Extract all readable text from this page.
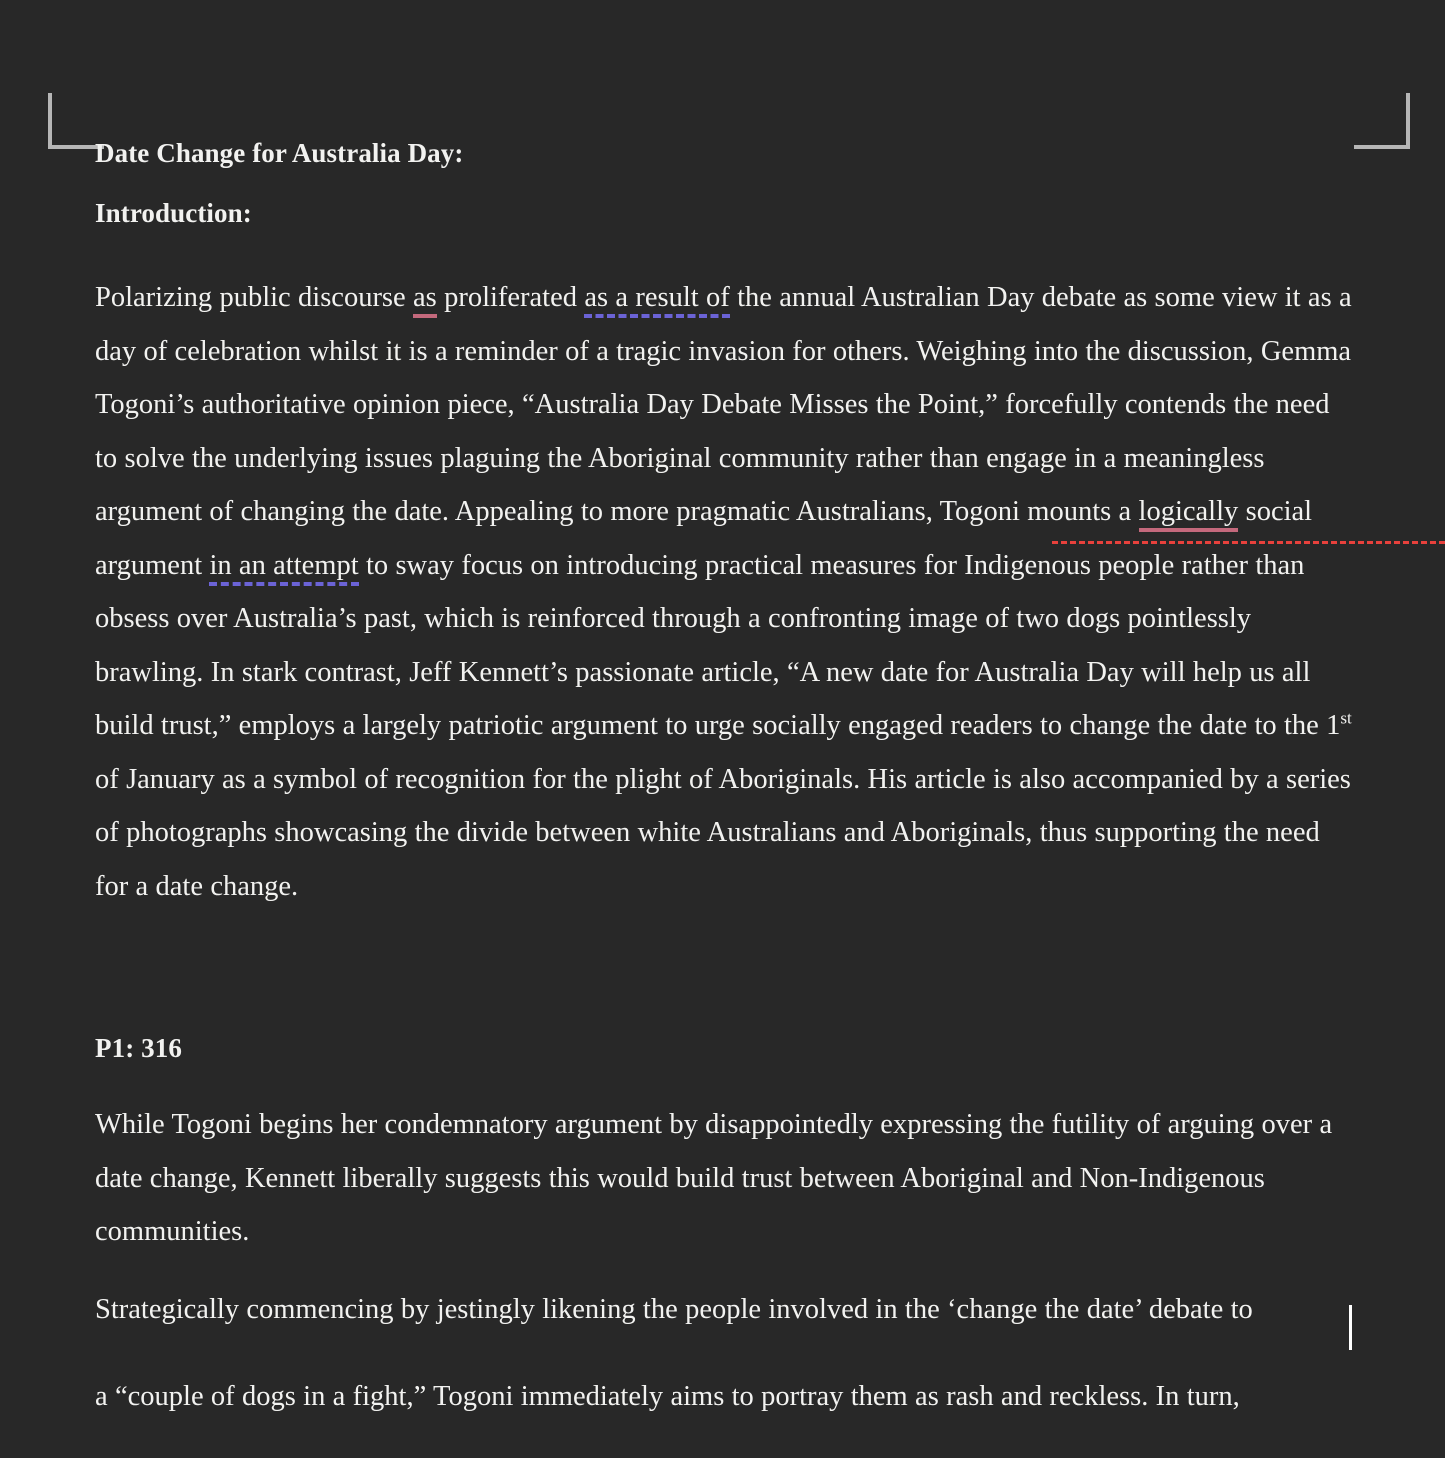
Date Change for Australia Day:
Introduction:

Polarizing public discourse as proliferated as a result of the annual Australian Day debate as some view it as a day of celebration whilst it is a reminder of a tragic invasion for others. Weighing into the discussion, Gemma Togoni’s authoritative opinion piece, “Australia Day Debate Misses the Point,” forcefully contends the need to solve the underlying issues plaguing the Aboriginal community rather than engage in a meaningless argument of changing the date. Appealing to more pragmatic Australians, Togoni mounts a logically social argument in an attempt to sway focus on introducing practical measures for Indigenous people rather than obsess over Australia’s past, which is reinforced through a confronting image of two dogs pointlessly brawling. In stark contrast, Jeff Kennett’s passionate article, “A new date for Australia Day will help us all build trust,” employs a largely patriotic argument to urge socially engaged readers to change the date to the 1st of January as a symbol of recognition for the plight of Aboriginals. His article is also accompanied by a series of photographs showcasing the divide between white Australians and Aboriginals, thus supporting the need for a date change.

P1: 316

While Togoni begins her condemnatory argument by disappointedly expressing the futility of arguing over a date change, Kennett liberally suggests this would build trust between Aboriginal and Non-Indigenous communities.

Strategically commencing by jestingly likening the people involved in the ‘change the date’ debate to

a “couple of dogs in a fight,” Togoni immediately aims to portray them as rash and reckless. In turn,
